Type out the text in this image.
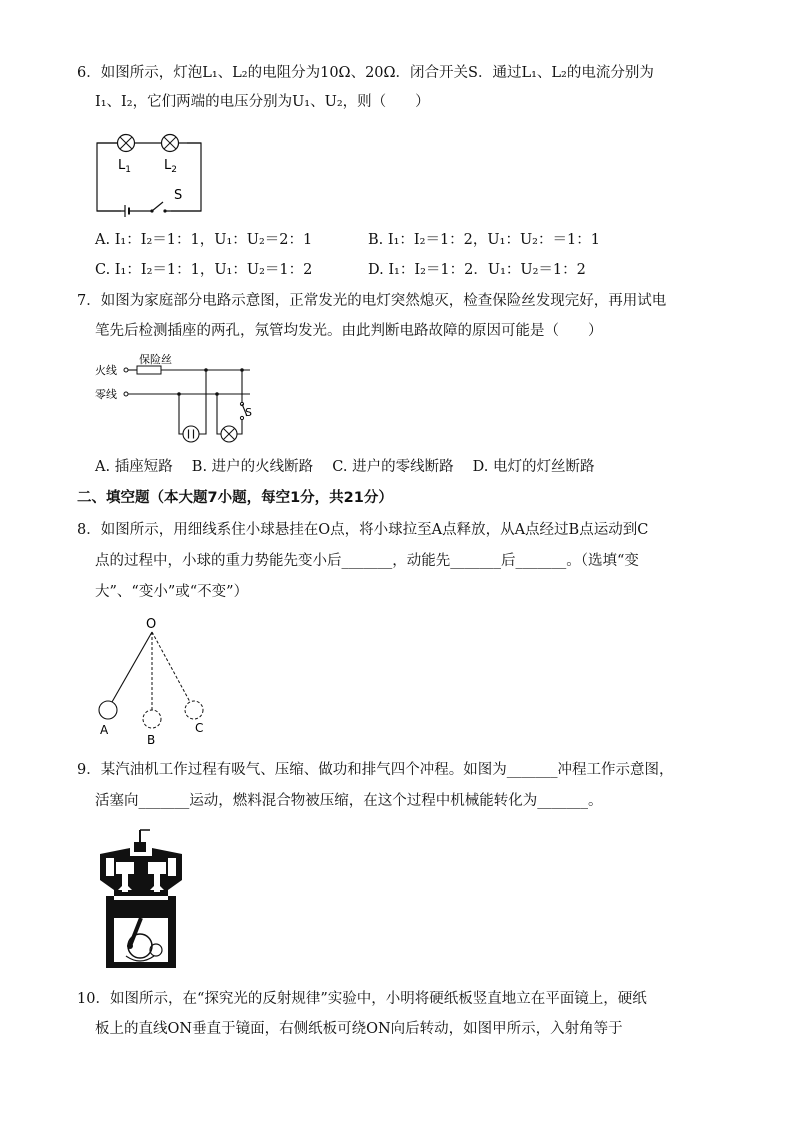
6．如图所示，灯泡L₁、L₂的电阻分为10Ω、20Ω．闭合开关S．通过L₁、L₂的电流分别为
I₁、I₂，它们两端的电压分别为U₁、U₂，则（　　）
$L_1$	$L_2$
S
A. I₁：I₂＝1：1，U₁：U₂＝2：1	B. I₁：I₂＝1：2，U₁：U₂：＝1：1
C. I₁：I₂＝1：1，U₁：U₂＝1：2	D. I₁：I₂＝1：2．U₁：U₂＝1：2
7．如图为家庭部分电路示意图，正常发光的电灯突然熄灭，检查保险丝发现完好，再用试电
笔先后检测插座的两孔，氖管均发光。由此判断电路故障的原因可能是（　　）
火线
保险丝
零线
S
A. 插座短路　 B. 进户的火线断路　 C. 进户的零线断路　 D. 电灯的灯丝断路
二、填空题（本大题7小题，每空1分，共21分）
8．如图所示，用细线系住小球悬挂在O点，将小球拉至A点释放，从A点经过B点运动到C
点的过程中，小球的重力势能先变小后_______，动能先_______后_______。（选填“变
大”、“变小”或“不变”）
O
A
B
C
9．某汽油机工作过程有吸气、压缩、做功和排气四个冲程。如图为_______冲程工作示意图，
活塞向_______运动，燃料混合物被压缩，在这个过程中机械能转化为_______。
10．如图所示，在“探究光的反射规律”实验中，小明将硬纸板竖直地立在平面镜上，硬纸
板上的直线ON垂直于镜面，右侧纸板可绕ON向后转动，如图甲所示，入射角等于
